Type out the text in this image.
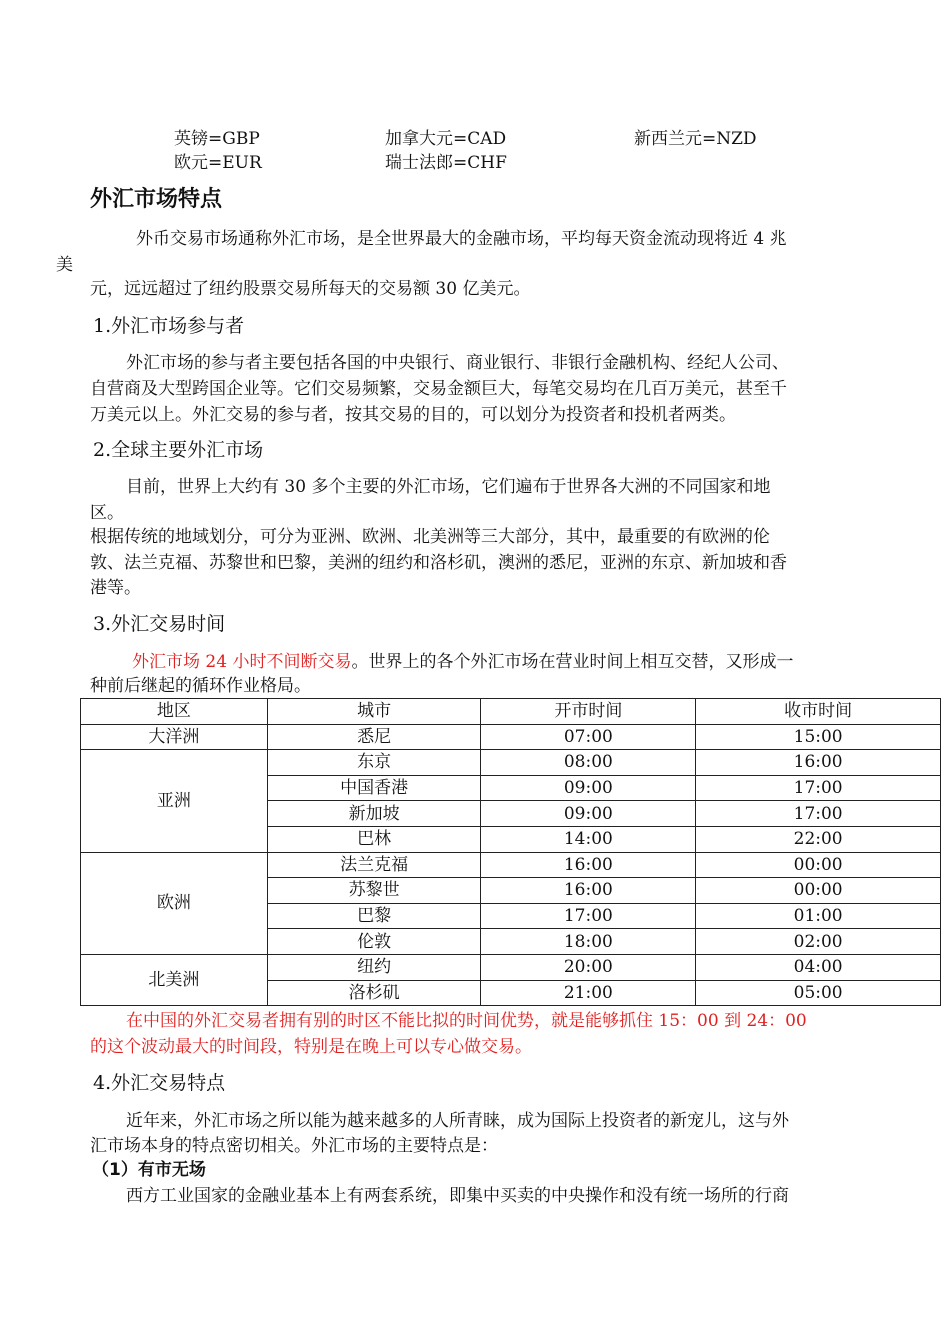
英镑=GBP	加拿大元=CAD	新西兰元=NZD
欧元=EUR	瑞士法郎=CHF
外汇市场特点
外币交易市场通称外汇市场，是全世界最大的金融市场，平均每天资金流动现将近 4 兆
美
元，远远超过了纽约股票交易所每天的交易额 30 亿美元。
1.外汇市场参与者
外汇市场的参与者主要包括各国的中央银行、商业银行、非银行金融机构、经纪人公司、
自营商及大型跨国企业等。它们交易频繁，交易金额巨大，每笔交易均在几百万美元，甚至千
万美元以上。外汇交易的参与者，按其交易的目的，可以划分为投资者和投机者两类。
2.全球主要外汇市场
目前，世界上大约有 30 多个主要的外汇市场，它们遍布于世界各大洲的不同国家和地
区。
根据传统的地域划分，可分为亚洲、欧洲、北美洲等三大部分，其中，最重要的有欧洲的伦
敦、法兰克福、苏黎世和巴黎，美洲的纽约和洛杉矶，澳洲的悉尼，亚洲的东京、新加坡和香
港等。
3.外汇交易时间
外汇市场 24 小时不间断交易。世界上的各个外汇市场在营业时间上相互交替，又形成一
种前后继起的循环作业格局。
地区	城市	开市时间	收市时间
大洋洲	悉尼	07:00	15:00
亚洲	东京	08:00	16:00
	中国香港	09:00	17:00
	新加坡	09:00	17:00
	巴林	14:00	22:00
欧洲	法兰克福	16:00	00:00
	苏黎世	16:00	00:00
	巴黎	17:00	01:00
	伦敦	18:00	02:00
北美洲	纽约	20:00	04:00
	洛杉矶	21:00	05:00
在中国的外汇交易者拥有别的时区不能比拟的时间优势，就是能够抓住 15：00 到 24：00
的这个波动最大的时间段，特别是在晚上可以专心做交易。
4.外汇交易特点
近年来，外汇市场之所以能为越来越多的人所青睐，成为国际上投资者的新宠儿，这与外
汇市场本身的特点密切相关。外汇市场的主要特点是：
（1）有市无场
西方工业国家的金融业基本上有两套系统，即集中买卖的中央操作和没有统一场所的行商
